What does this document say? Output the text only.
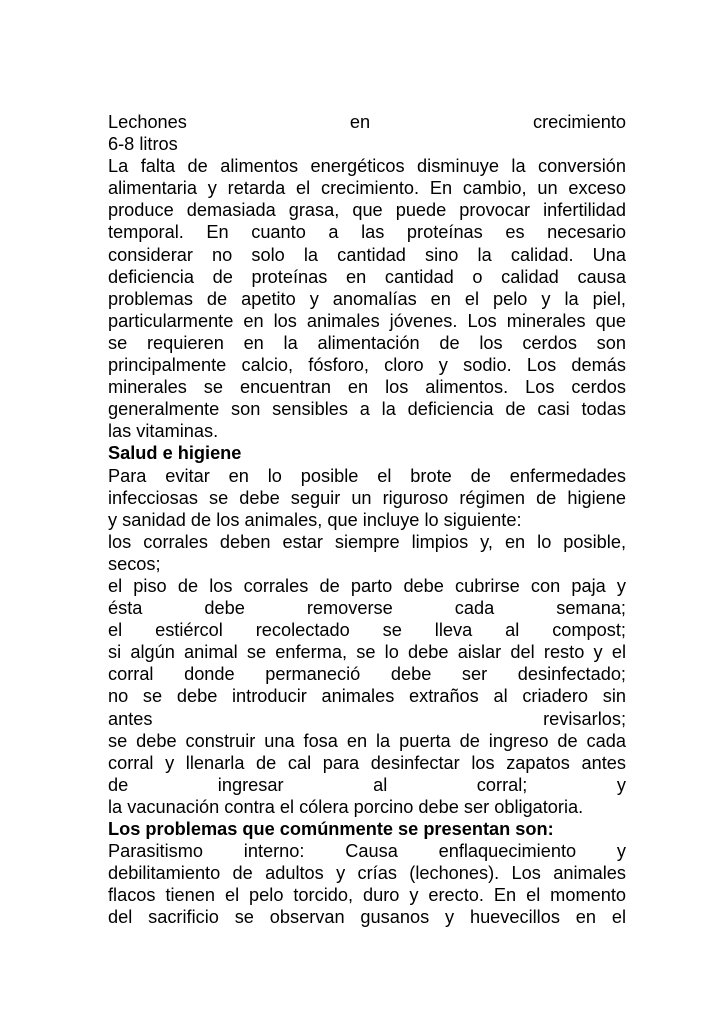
Lechones en crecimiento
6-8 litros
La falta de alimentos energéticos disminuye la conversión
alimentaria y retarda el crecimiento. En cambio, un exceso
produce demasiada grasa, que puede provocar infertilidad
temporal. En cuanto a las proteínas es necesario
considerar no solo la cantidad sino la calidad. Una
deficiencia de proteínas en cantidad o calidad causa
problemas de apetito y anomalías en el pelo y la piel,
particularmente en los animales jóvenes. Los minerales que
se requieren en la alimentación de los cerdos son
principalmente calcio, fósforo, cloro y sodio. Los demás
minerales se encuentran en los alimentos. Los cerdos
generalmente son sensibles a la deficiencia de casi todas
las vitaminas.
Salud e higiene
Para evitar en lo posible el brote de enfermedades
infecciosas se debe seguir un riguroso régimen de higiene
y sanidad de los animales, que incluye lo siguiente:
los corrales deben estar siempre limpios y, en lo posible,
secos;
el piso de los corrales de parto debe cubrirse con paja y
ésta debe removerse cada semana;
el estiércol recolectado se lleva al compost;
si algún animal se enferma, se lo debe aislar del resto y el
corral donde permaneció debe ser desinfectado;
no se debe introducir animales extraños al criadero sin
antes revisarlos;
se debe construir una fosa en la puerta de ingreso de cada
corral y llenarla de cal para desinfectar los zapatos antes
de ingresar al corral; y
la vacunación contra el cólera porcino debe ser obligatoria.
Los problemas que comúnmente se presentan son:
Parasitismo interno: Causa enflaquecimiento y
debilitamiento de adultos y crías (lechones). Los animales
flacos tienen el pelo torcido, duro y erecto. En el momento
del sacrificio se observan gusanos y huevecillos en el
